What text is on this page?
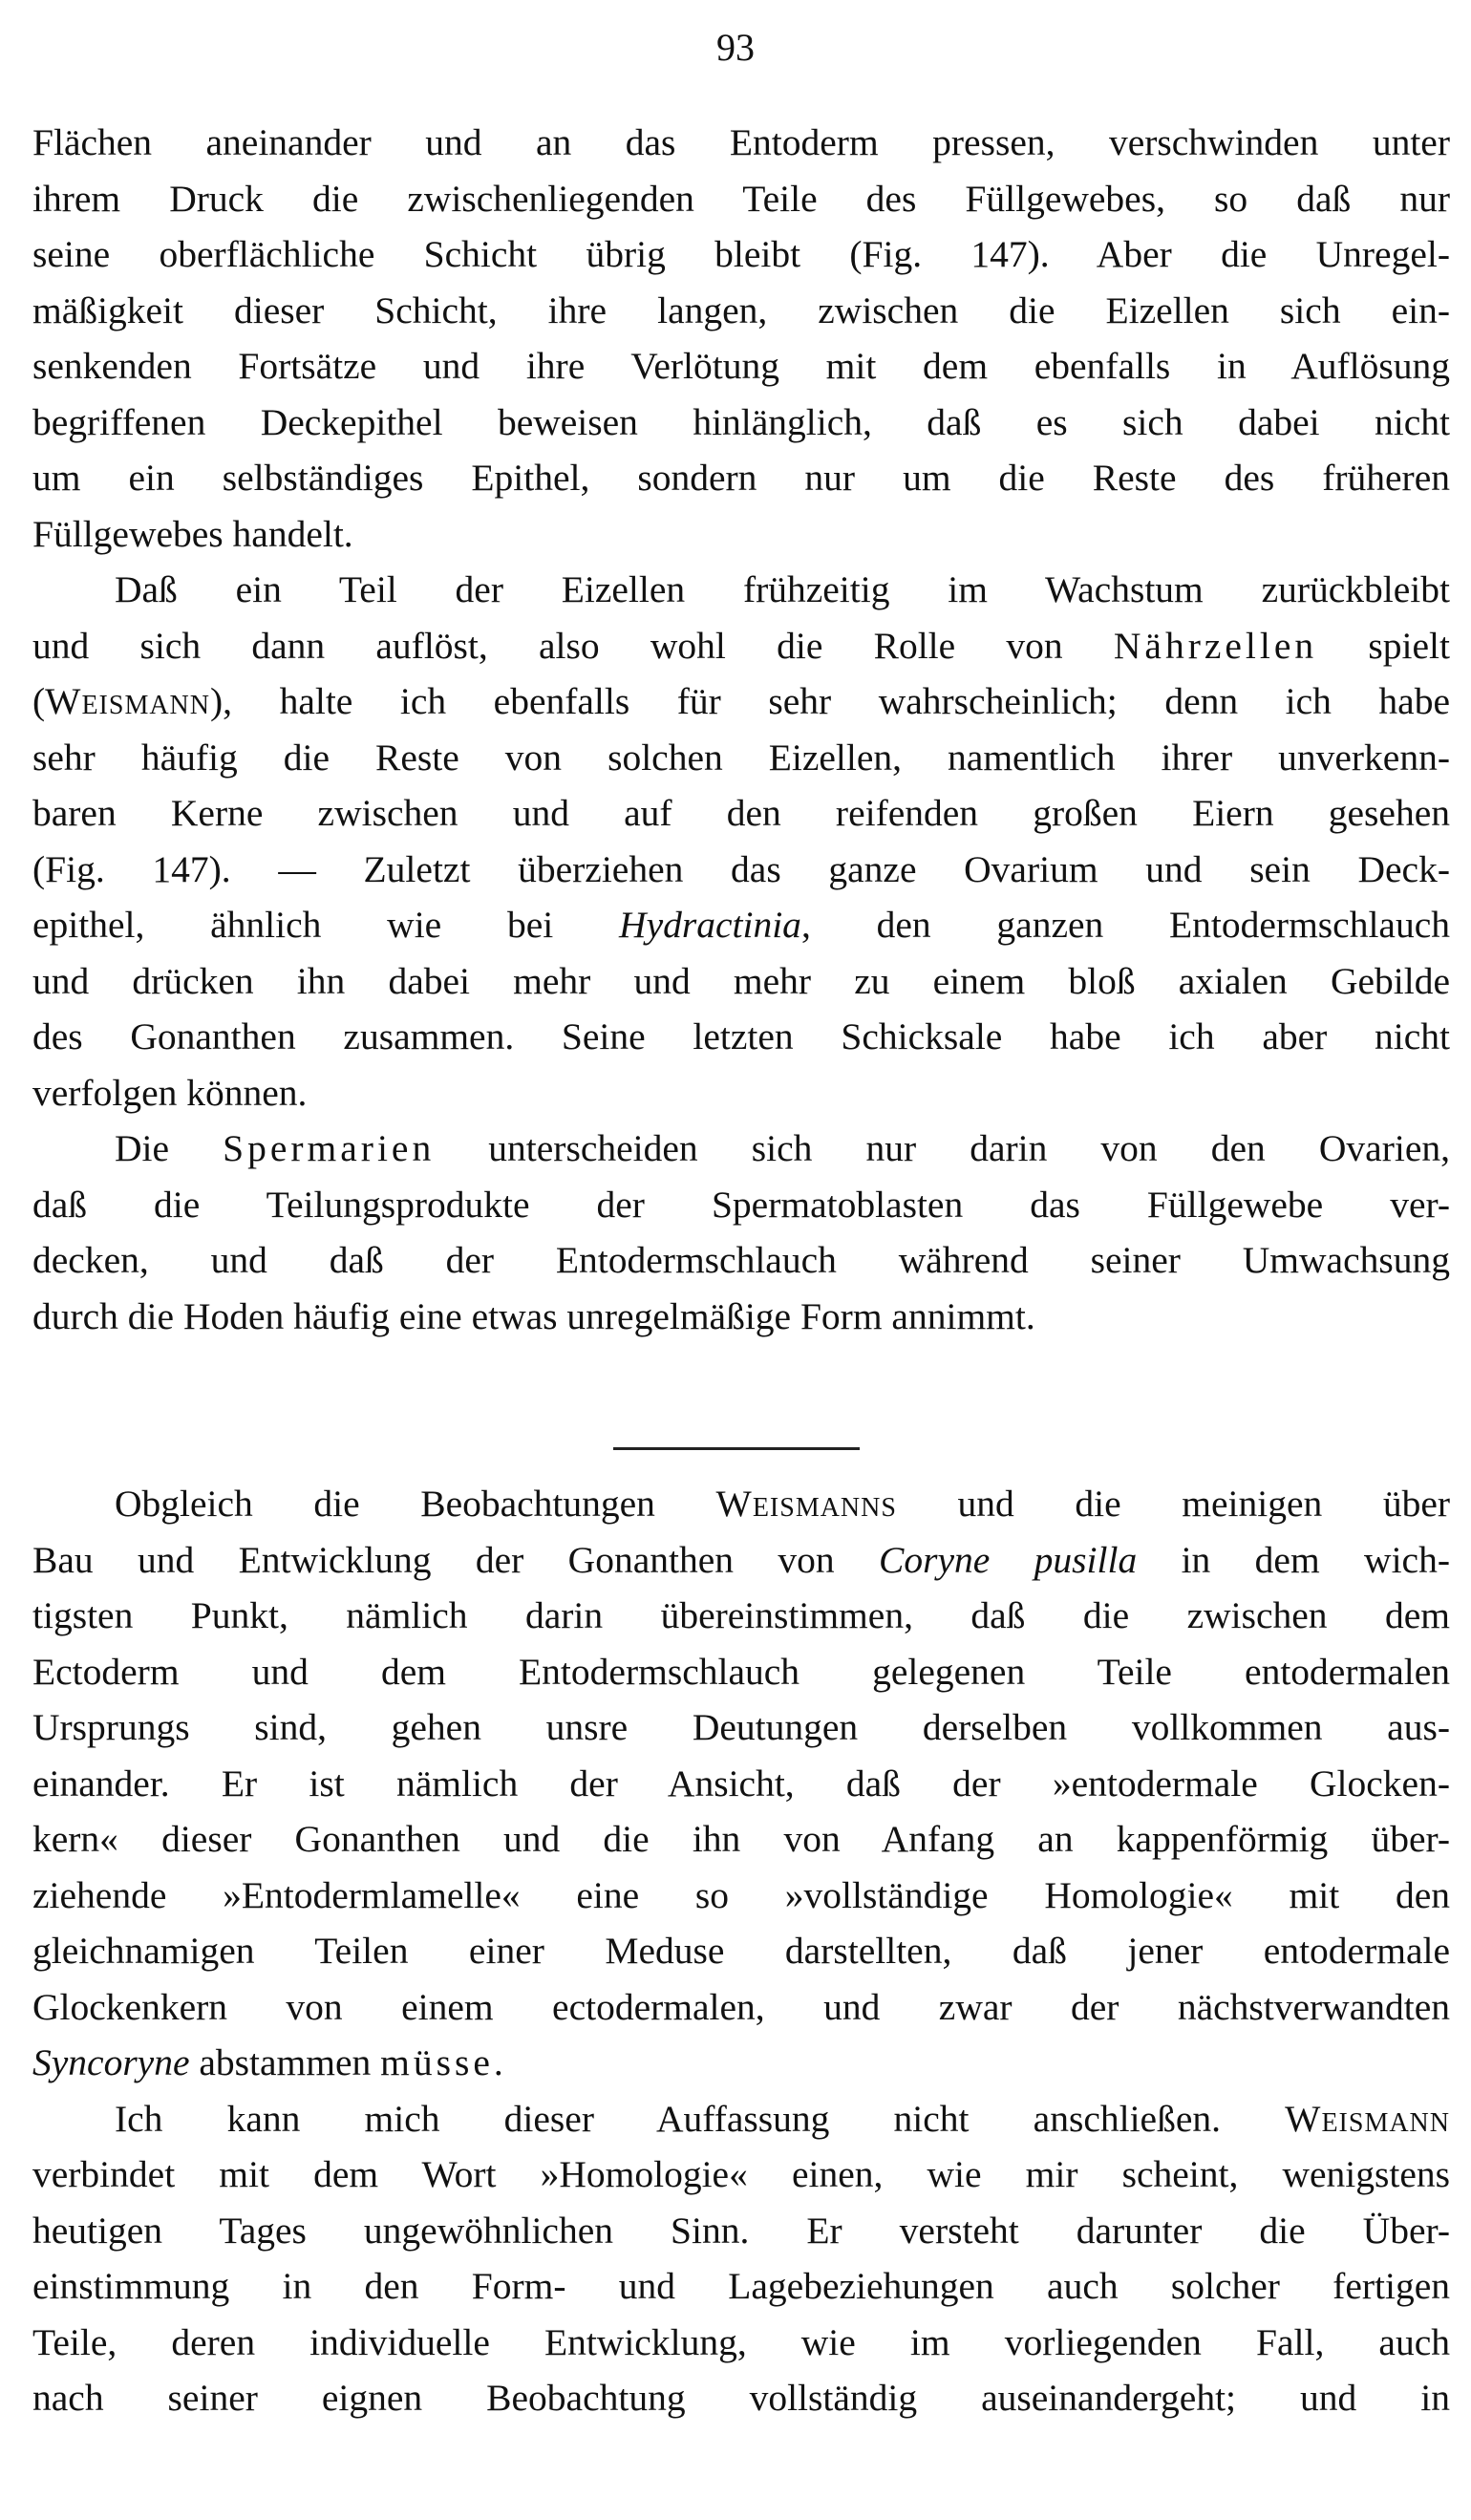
93
Flächen aneinander und an das Entoderm pressen, verschwinden unter
ihrem Druck die zwischenliegenden Teile des Füllgewebes, so daß nur
seine oberflächliche Schicht übrig bleibt (Fig. 147). Aber die Unregel-
mäßigkeit dieser Schicht, ihre langen, zwischen die Eizellen sich ein-
senkenden Fortsätze und ihre Verlötung mit dem ebenfalls in Auflösung
begriffenen Deckepithel beweisen hinlänglich, daß es sich dabei nicht
um ein selbständiges Epithel, sondern nur um die Reste des früheren
Füllgewebes handelt.
Daß ein Teil der Eizellen frühzeitig im Wachstum zurückbleibt
und sich dann auflöst, also wohl die Rolle von Nährzellen spielt
(Weismann), halte ich ebenfalls für sehr wahrscheinlich; denn ich habe
sehr häufig die Reste von solchen Eizellen, namentlich ihrer unverkenn-
baren Kerne zwischen und auf den reifenden großen Eiern gesehen
(Fig. 147). — Zuletzt überziehen das ganze Ovarium und sein Deck-
epithel, ähnlich wie bei Hydractinia, den ganzen Entodermschlauch
und drücken ihn dabei mehr und mehr zu einem bloß axialen Gebilde
des Gonanthen zusammen. Seine letzten Schicksale habe ich aber nicht
verfolgen können.
Die Spermarien unterscheiden sich nur darin von den Ovarien,
daß die Teilungsprodukte der Spermatoblasten das Füllgewebe ver-
decken, und daß der Entodermschlauch während seiner Umwachsung
durch die Hoden häufig eine etwas unregelmäßige Form annimmt.
Obgleich die Beobachtungen Weismanns und die meinigen über
Bau und Entwicklung der Gonanthen von Coryne pusilla in dem wich-
tigsten Punkt, nämlich darin übereinstimmen, daß die zwischen dem
Ectoderm und dem Entodermschlauch gelegenen Teile entodermalen
Ursprungs sind, gehen unsre Deutungen derselben vollkommen aus-
einander. Er ist nämlich der Ansicht, daß der »entodermale Glocken-
kern« dieser Gonanthen und die ihn von Anfang an kappenförmig über-
ziehende »Entodermlamelle« eine so »vollständige Homologie« mit den
gleichnamigen Teilen einer Meduse darstellten, daß jener entodermale
Glockenkern von einem ectodermalen, und zwar der nächstverwandten
Syncoryne abstammen müsse.
Ich kann mich dieser Auffassung nicht anschließen. Weismann
verbindet mit dem Wort »Homologie« einen, wie mir scheint, wenigstens
heutigen Tages ungewöhnlichen Sinn. Er versteht darunter die Über-
einstimmung in den Form- und Lagebeziehungen auch solcher fertigen
Teile, deren individuelle Entwicklung, wie im vorliegenden Fall, auch
nach seiner eignen Beobachtung vollständig auseinandergeht; und in
